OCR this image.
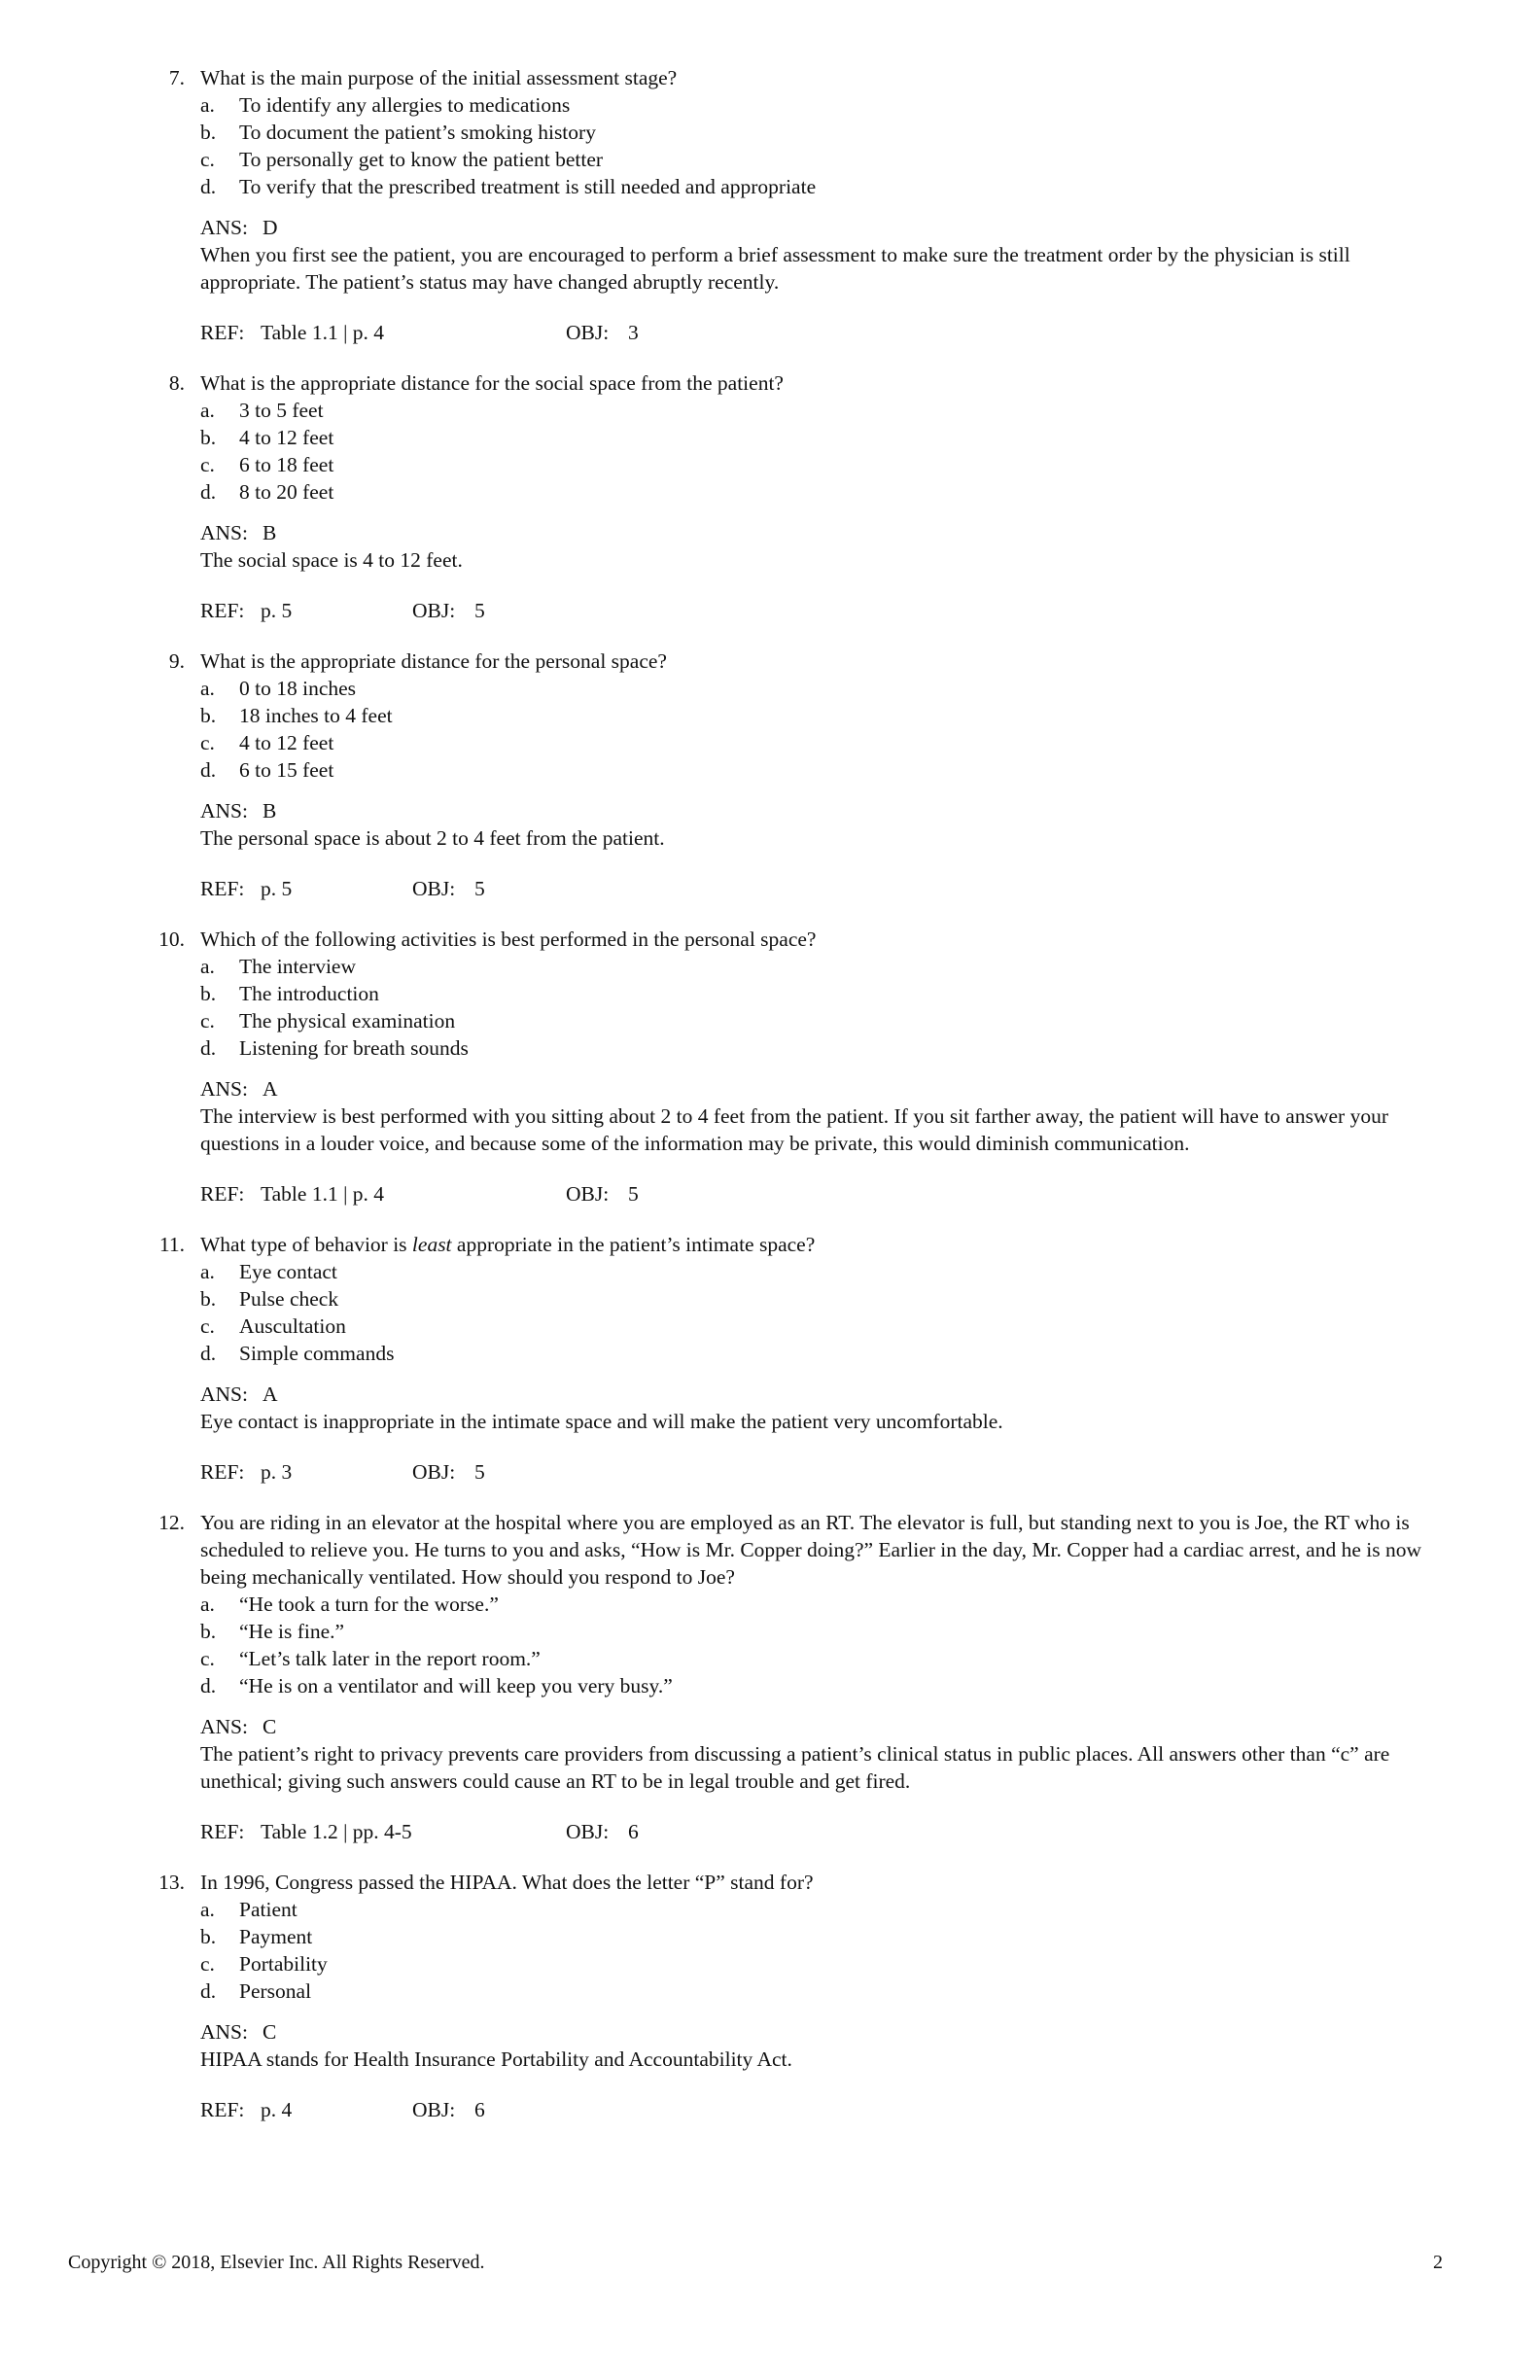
7. What is the main purpose of the initial assessment stage?
a. To identify any allergies to medications
b. To document the patient’s smoking history
c. To personally get to know the patient better
d. To verify that the prescribed treatment is still needed and appropriate
ANS: D
When you first see the patient, you are encouraged to perform a brief assessment to make sure the treatment order by the physician is still appropriate. The patient’s status may have changed abruptly recently.
REF: Table 1.1 | p. 4	OBJ: 3
8. What is the appropriate distance for the social space from the patient?
a. 3 to 5 feet
b. 4 to 12 feet
c. 6 to 18 feet
d. 8 to 20 feet
ANS: B
The social space is 4 to 12 feet.
REF: p. 5	OBJ: 5
9. What is the appropriate distance for the personal space?
a. 0 to 18 inches
b. 18 inches to 4 feet
c. 4 to 12 feet
d. 6 to 15 feet
ANS: B
The personal space is about 2 to 4 feet from the patient.
REF: p. 5	OBJ: 5
10. Which of the following activities is best performed in the personal space?
a. The interview
b. The introduction
c. The physical examination
d. Listening for breath sounds
ANS: A
The interview is best performed with you sitting about 2 to 4 feet from the patient. If you sit farther away, the patient will have to answer your questions in a louder voice, and because some of the information may be private, this would diminish communication.
REF: Table 1.1 | p. 4	OBJ: 5
11. What type of behavior is least appropriate in the patient’s intimate space?
a. Eye contact
b. Pulse check
c. Auscultation
d. Simple commands
ANS: A
Eye contact is inappropriate in the intimate space and will make the patient very uncomfortable.
REF: p. 3	OBJ: 5
12. You are riding in an elevator at the hospital where you are employed as an RT. The elevator is full, but standing next to you is Joe, the RT who is scheduled to relieve you. He turns to you and asks, “How is Mr. Copper doing?” Earlier in the day, Mr. Copper had a cardiac arrest, and he is now being mechanically ventilated. How should you respond to Joe?
a. “He took a turn for the worse.”
b. “He is fine.”
c. “Let’s talk later in the report room.”
d. “He is on a ventilator and will keep you very busy.”
ANS: C
The patient’s right to privacy prevents care providers from discussing a patient’s clinical status in public places. All answers other than “c” are unethical; giving such answers could cause an RT to be in legal trouble and get fired.
REF: Table 1.2 | pp. 4-5	OBJ: 6
13. In 1996, Congress passed the HIPAA. What does the letter “P” stand for?
a. Patient
b. Payment
c. Portability
d. Personal
ANS: C
HIPAA stands for Health Insurance Portability and Accountability Act.
REF: p. 4	OBJ: 6
Copyright © 2018, Elsevier Inc. All Rights Reserved.	2
